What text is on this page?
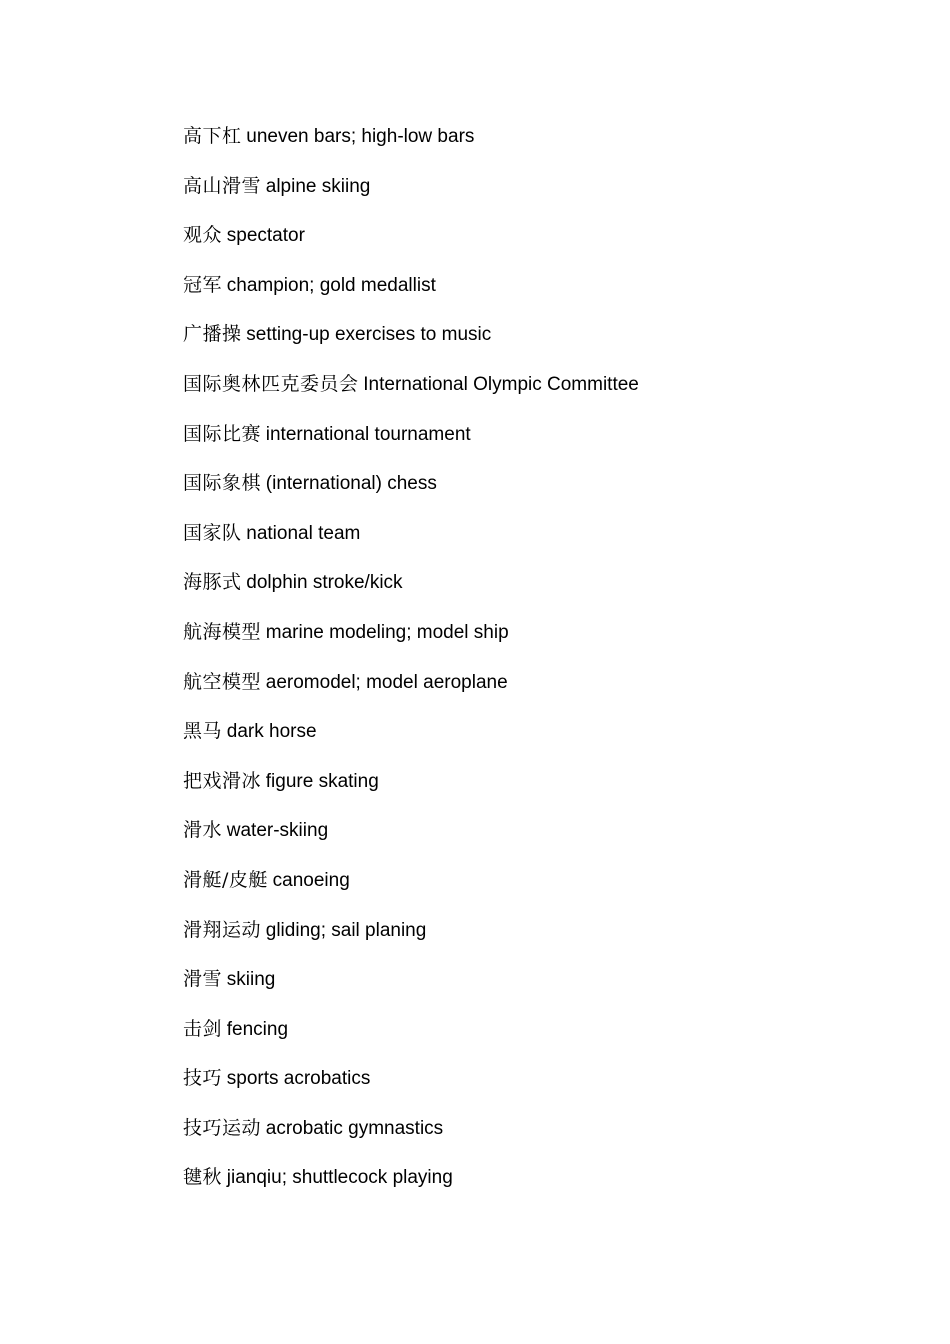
高下杠 uneven bars; high-low bars
高山滑雪 alpine skiing
观众 spectator
冠军 champion; gold medallist
广播操 setting-up exercises to music
国际奥林匹克委员会 International Olympic Committee
国际比赛 international tournament
国际象棋 (international) chess
国家队 national team
海豚式 dolphin stroke/kick
航海模型 marine modeling; model ship
航空模型 aeromodel; model aeroplane
黑马 dark horse
把戏滑冰 figure skating
滑水 water-skiing
滑艇/皮艇 canoeing
滑翔运动 gliding; sail planing
滑雪 skiing
击剑 fencing
技巧 sports acrobatics
技巧运动 acrobatic gymnastics
毽秋 jianqiu; shuttlecock playing
